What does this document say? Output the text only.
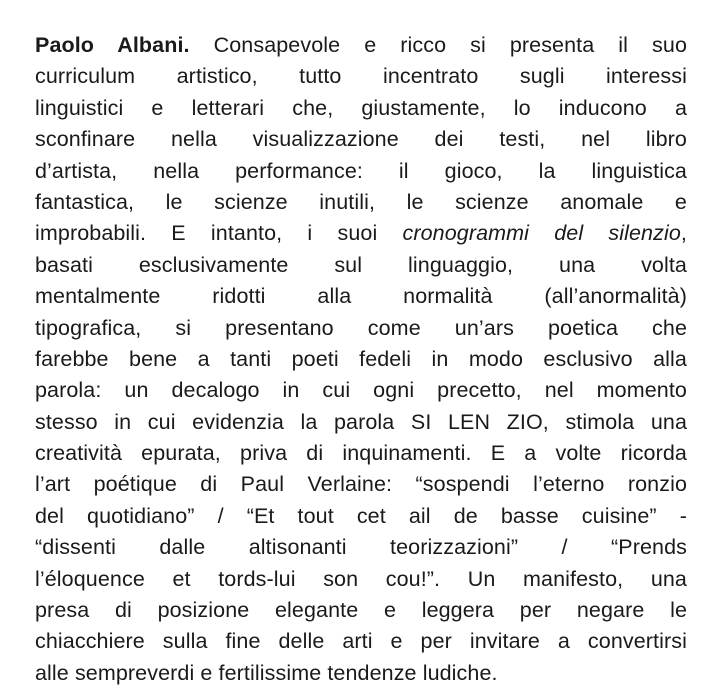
Paolo Albani. Consapevole e ricco si presenta il suo
curriculum artistico, tutto incentrato sugli interessi
linguistici e letterari che, giustamente, lo inducono a
sconfinare nella visualizzazione dei testi, nel libro
d’artista, nella performance: il gioco, la linguistica
fantastica, le scienze inutili, le scienze anomale e
improbabili. E intanto, i suoi cronogrammi del silenzio,
basati esclusivamente sul linguaggio, una volta
mentalmente ridotti alla normalità (all’anormalità)
tipografica, si presentano come un’ars poetica che
farebbe bene a tanti poeti fedeli in modo esclusivo alla
parola: un decalogo in cui ogni precetto, nel momento
stesso in cui evidenzia la parola SI LEN ZIO, stimola una
creatività epurata, priva di inquinamenti. E a volte ricorda
l’art poétique di Paul Verlaine: “sospendi l’eterno ronzio
del quotidiano” / “Et tout cet ail de basse cuisine” -
“dissenti dalle altisonanti teorizzazioni” / “Prends
l’éloquence et tords-lui son cou!”. Un manifesto, una
presa di posizione elegante e leggera per negare le
chiacchiere sulla fine delle arti e per invitare a convertirsi
alle sempreverdi e fertilissime tendenze ludiche.
